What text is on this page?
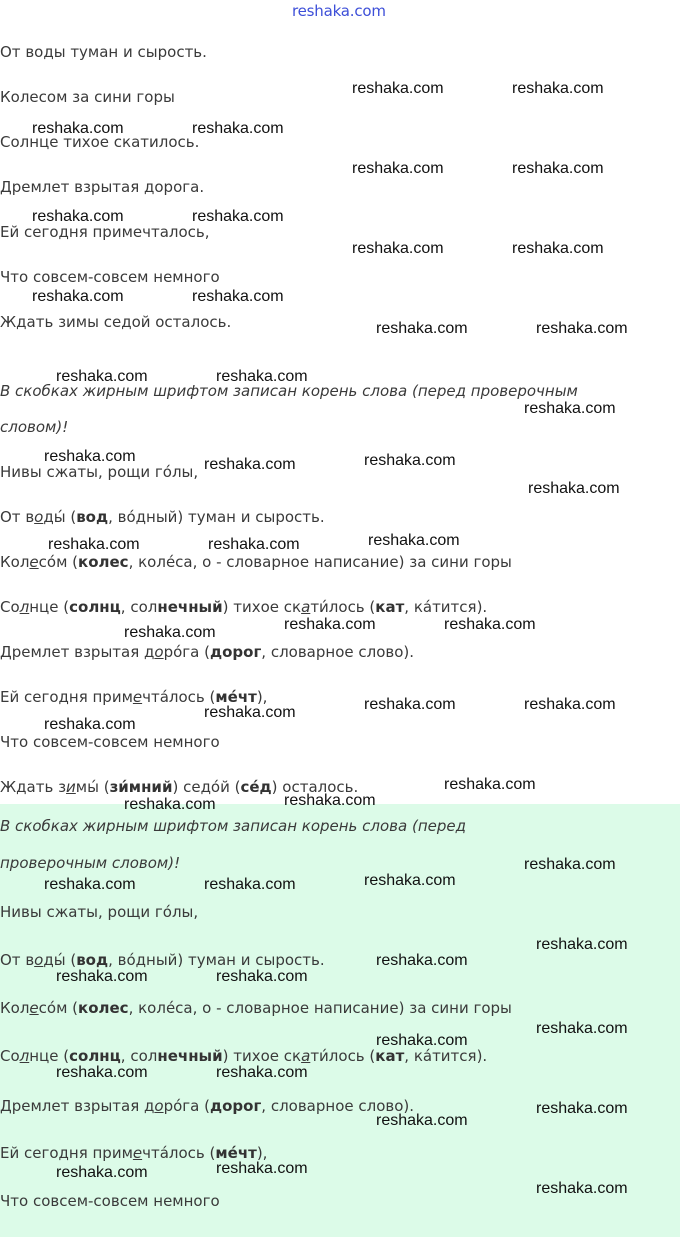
reshaka.com
От воды туман и сырость.
Колесом за сини горы
Солнце тихое скатилось.
Дремлет взрытая дорога.
Ей сегодня примечталось,
Что совсем-совсем немного
Ждать зимы седой осталось.
В скобках жирным шрифтом записан корень слова (перед проверочным
словом)!
Нивы сжаты, рощи го́лы,
От воды́ (вод, во́дный) туман и сырость.
Колесо́м (колес, коле́са, о - словарное написание) за сини горы
Солнце (солнц, солнечный) тихое скати́лось (кат, ка́тится).
Дремлет взрытая доро́га (дорог, словарное слово).
Ей сегодня примечта́лось (ме́чт),
Что совсем-совсем немного
Ждать зимы́ (зи́мний) седо́й (се́д) осталось.
В скобках жирным шрифтом записан корень слова (перед
проверочным словом)!
Нивы сжаты, рощи го́лы,
От воды́ (вод, во́дный) туман и сырость.
Колесо́м (колес, коле́са, о - словарное написание) за сини горы
Солнце (солнц, солнечный) тихое скати́лось (кат, ка́тится).
Дремлет взрытая доро́га (дорог, словарное слово).
Ей сегодня примечта́лось (ме́чт),
Что совсем-совсем немного
reshaka.com	reshaka.com
reshaka.com	reshaka.com
reshaka.com	reshaka.com
reshaka.com	reshaka.com
reshaka.com	reshaka.com
reshaka.com	reshaka.com
reshaka.com	reshaka.com
reshaka.com	reshaka.com
reshaka.com
reshaka.com	reshaka.com	reshaka.com
reshaka.com
reshaka.com	reshaka.com	reshaka.com
reshaka.com	reshaka.com	reshaka.com
reshaka.com	reshaka.com	reshaka.com
reshaka.com
reshaka.com
reshaka.com	reshaka.com
reshaka.com
reshaka.com
reshaka.com	reshaka.com
reshaka.com
reshaka.com
reshaka.com	reshaka.com
reshaka.com
reshaka.com
reshaka.com	reshaka.com
reshaka.com
reshaka.com
reshaka.com
reshaka.com
reshaka.com
